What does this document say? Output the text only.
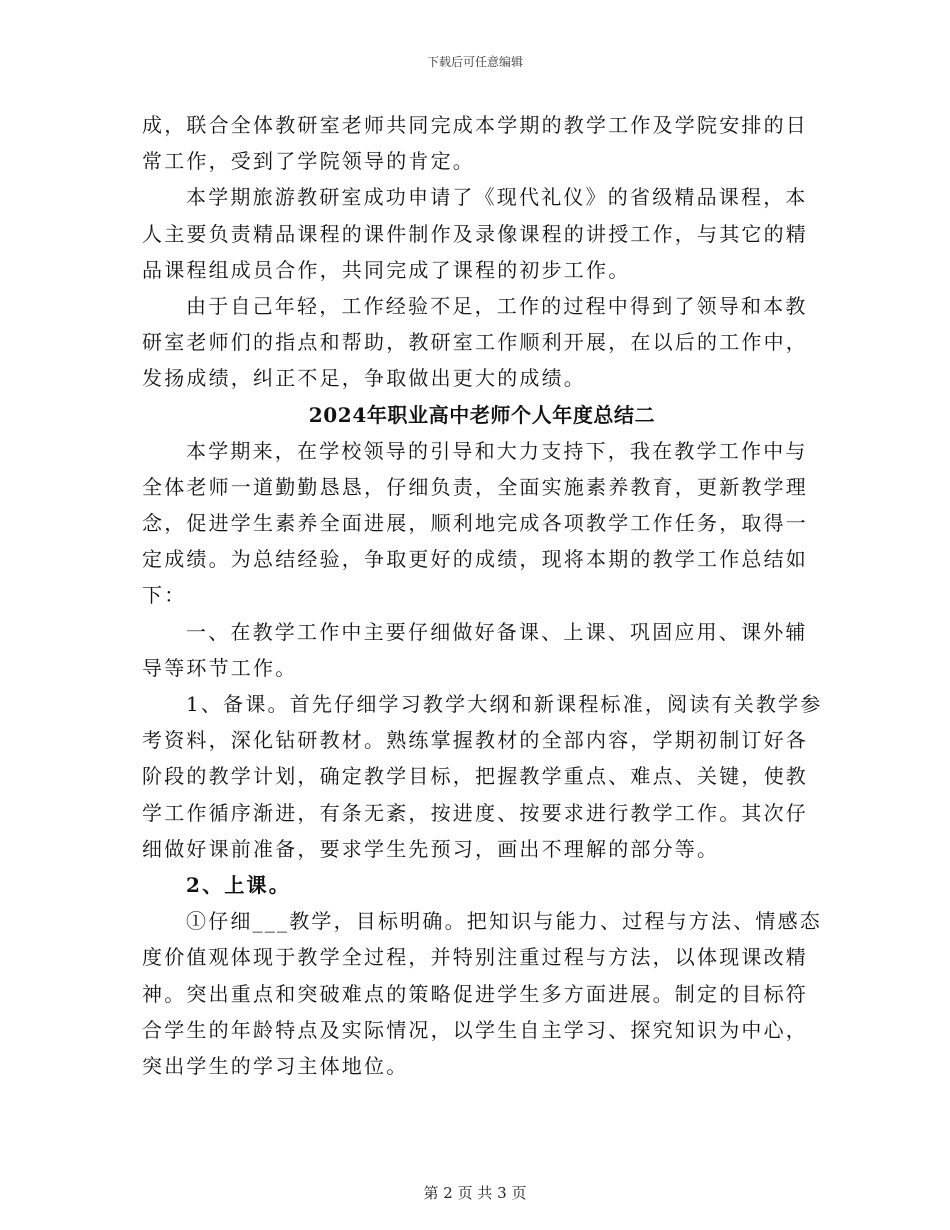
下载后可任意编辑
成，联合全体教研室老师共同完成本学期的教学工作及学院安排的日
常工作，受到了学院领导的肯定。
本学期旅游教研室成功申请了《现代礼仪》的省级精品课程，本
人主要负责精品课程的课件制作及录像课程的讲授工作，与其它的精
品课程组成员合作，共同完成了课程的初步工作。
由于自己年轻，工作经验不足，工作的过程中得到了领导和本教
研室老师们的指点和帮助，教研室工作顺利开展，在以后的工作中，
发扬成绩，纠正不足，争取做出更大的成绩。
2024年职业高中老师个人年度总结二
本学期来，在学校领导的引导和大力支持下，我在教学工作中与
全体老师一道勤勤恳恳，仔细负责，全面实施素养教育，更新教学理
念，促进学生素养全面进展，顺利地完成各项教学工作任务，取得一
定成绩。为总结经验，争取更好的成绩，现将本期的教学工作总结如
下：
一、在教学工作中主要仔细做好备课、上课、巩固应用、课外辅
导等环节工作。
1、备课。首先仔细学习教学大纲和新课程标准，阅读有关教学参
考资料，深化钻研教材。熟练掌握教材的全部内容，学期初制订好各
阶段的教学计划，确定教学目标，把握教学重点、难点、关键，使教
学工作循序渐进，有条无紊，按进度、按要求进行教学工作。其次仔
细做好课前准备，要求学生先预习，画出不理解的部分等。
2、上课。
①仔细___教学，目标明确。把知识与能力、过程与方法、情感态
度价值观体现于教学全过程，并特别注重过程与方法，以体现课改精
神。突出重点和突破难点的策略促进学生多方面进展。制定的目标符
合学生的年龄特点及实际情况，以学生自主学习、探究知识为中心，
突出学生的学习主体地位。
第 2 页 共 3 页
